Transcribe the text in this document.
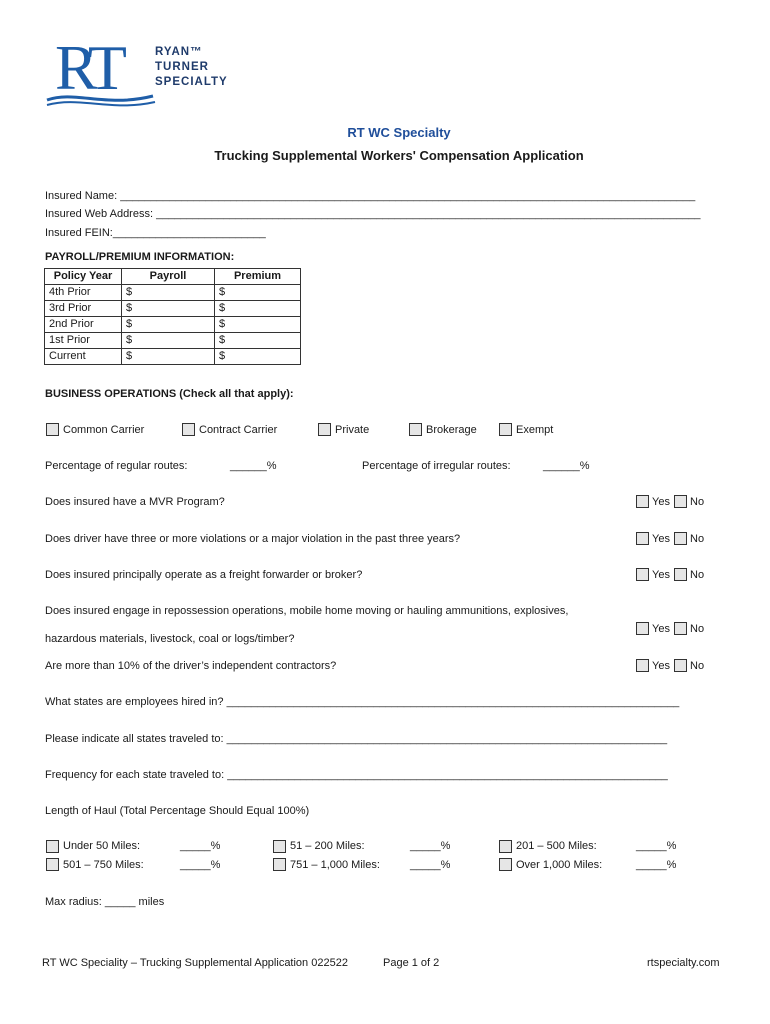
RT	RYAN™
TURNER
SPECIALTY
RT WC Specialty
Trucking Supplemental Workers' Compensation Application
Insured Name: ______________________________________________________________________________________________
Insured Web Address: _________________________________________________________________________________________
Insured FEIN:_________________________
PAYROLL/PREMIUM INFORMATION:
Policy Year	Payroll	Premium
4th Prior	$	$
3rd Prior	$	$
2nd Prior	$	$
1st Prior	$	$
Current	$	$
BUSINESS OPERATIONS (Check all that apply):
Common Carrier	Contract Carrier	Private	Brokerage	Exempt
Percentage of regular routes:	______%	Percentage of irregular routes:	______%
Does insured have a MVR Program?	Yes No
Does driver have three or more violations or a major violation in the past three years?	Yes No
Does insured principally operate as a freight forwarder or broker?	Yes No
Does insured engage in repossession operations, mobile home moving or hauling ammunitions, explosives,
hazardous materials, livestock, coal or logs/timber?
Yes No
Are more than 10% of the driver’s independent contractors?	Yes No
What states are employees hired in? __________________________________________________________________________
Please indicate all states traveled to: ________________________________________________________________________
Frequency for each state traveled to: ________________________________________________________________________
Length of Haul (Total Percentage Should Equal 100%)
Under 50 Miles:	_____%	51 – 200 Miles:	_____%	201 – 500 Miles:	_____%
501 – 750 Miles:	_____%	751 – 1,000 Miles:	_____%	Over 1,000 Miles:	_____%
Max radius: _____ miles
RT WC Speciality – Trucking Supplemental Application 022522	Page 1 of 2	rtspecialty.com
